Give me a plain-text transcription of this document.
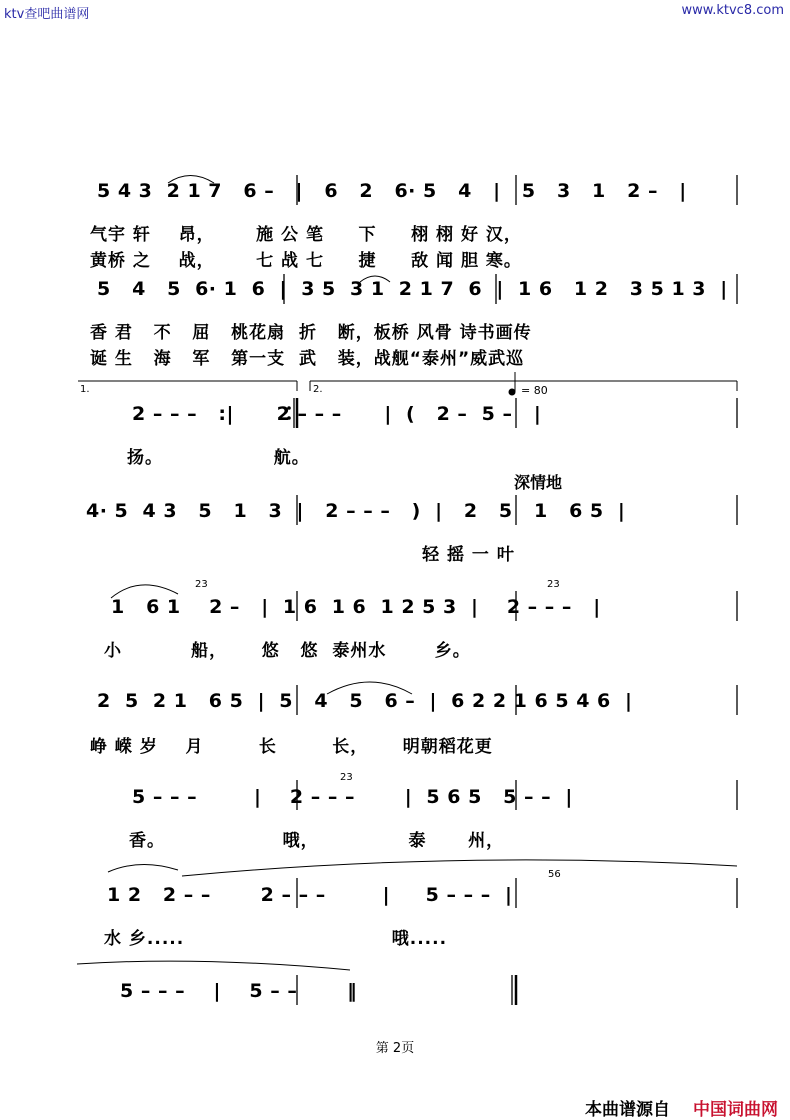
ktv查吧曲谱网	www.ktvc8.com
5 4 3  2 1 7   6 –   |   6   2   6· 5   4   |   5   3   1   2 –   |
气宇 轩    昂，      施 公 笔     下     栩 栩 好 汉，
黄桥 之    战，      七 战 七     捷     敌 闻 胆 寒。
5   4   5  6· 1  6  |  3 5  3 1  2 1 7  6  |  1 6   1 2   3 5 1 3  |
香 君   不   屈   桃花扇  折   断，板桥 风骨 诗书画传
诞 生   海   军   第一支  武   装，战舰“泰州”威武巡
1.	2.	= 80
2 – – –   :|      2 – – –      |  (   2 –  5 –   |
扬。                航。
深情地
4· 5  4 3   5   1   3  |   2 – – –   )  |   2   5   1   6 5  |
轻 摇 一 叶
1   6 1    2 –   |  1 6  1 6  1 2 5 3  |    2 – – –   |
小          船，     悠   悠  泰州水       乡。
23	23
2  5  2 1   6 5  |  5   4   5   6 –  |  6 2 2 1 6 5 4 6  |
峥 嵘 岁    月        长        长，     明朝稻花更
5 – – –        |    2 – – –       |  5 6 5   5 – –  |
香。                 哦，             泰      州，
23
1 2   2 – –       2 – – –        |     5 – – –  |
水 乡.....                              哦.....
56
5 – – –    |    5 – –       ‖
第 2页
本曲谱源自 中国词曲网
